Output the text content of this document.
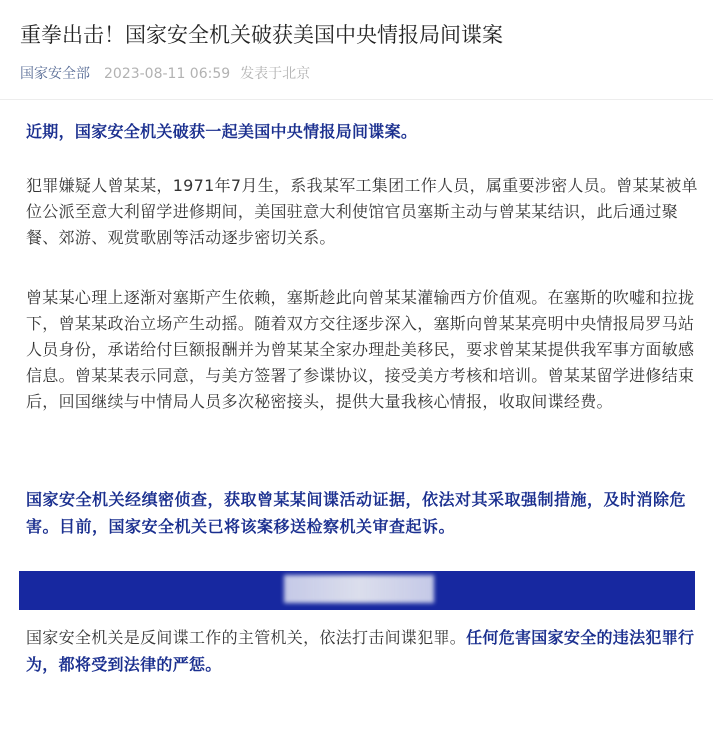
重拳出击！国家安全机关破获美国中央情报局间谍案
国家安全部 2023-08-11 06:59 发表于北京

近期，国家安全机关破获一起美国中央情报局间谍案。

犯罪嫌疑人曾某某，1971年7月生，系我某军工集团工作人员，属重要涉密人员。曾某某被单位公派至意大利留学进修期间，美国驻意大利使馆官员塞斯主动与曾某某结识，此后通过聚餐、郊游、观赏歌剧等活动逐步密切关系。

曾某某心理上逐渐对塞斯产生依赖，塞斯趁此向曾某某灌输西方价值观。在塞斯的吹嘘和拉拢下，曾某某政治立场产生动摇。随着双方交往逐步深入，塞斯向曾某某亮明中央情报局罗马站人员身份，承诺给付巨额报酬并为曾某某全家办理赴美移民，要求曾某某提供我军事方面敏感信息。曾某某表示同意，与美方签署了参谍协议，接受美方考核和培训。曾某某留学进修结束后，回国继续与中情局人员多次秘密接头，提供大量我核心情报，收取间谍经费。

国家安全机关经缜密侦查，获取曾某某间谍活动证据，依法对其采取强制措施，及时消除危害。目前，国家安全机关已将该案移送检察机关审查起诉。

国家安全机关是反间谍工作的主管机关，依法打击间谍犯罪。任何危害国家安全的违法犯罪行为，都将受到法律的严惩。
